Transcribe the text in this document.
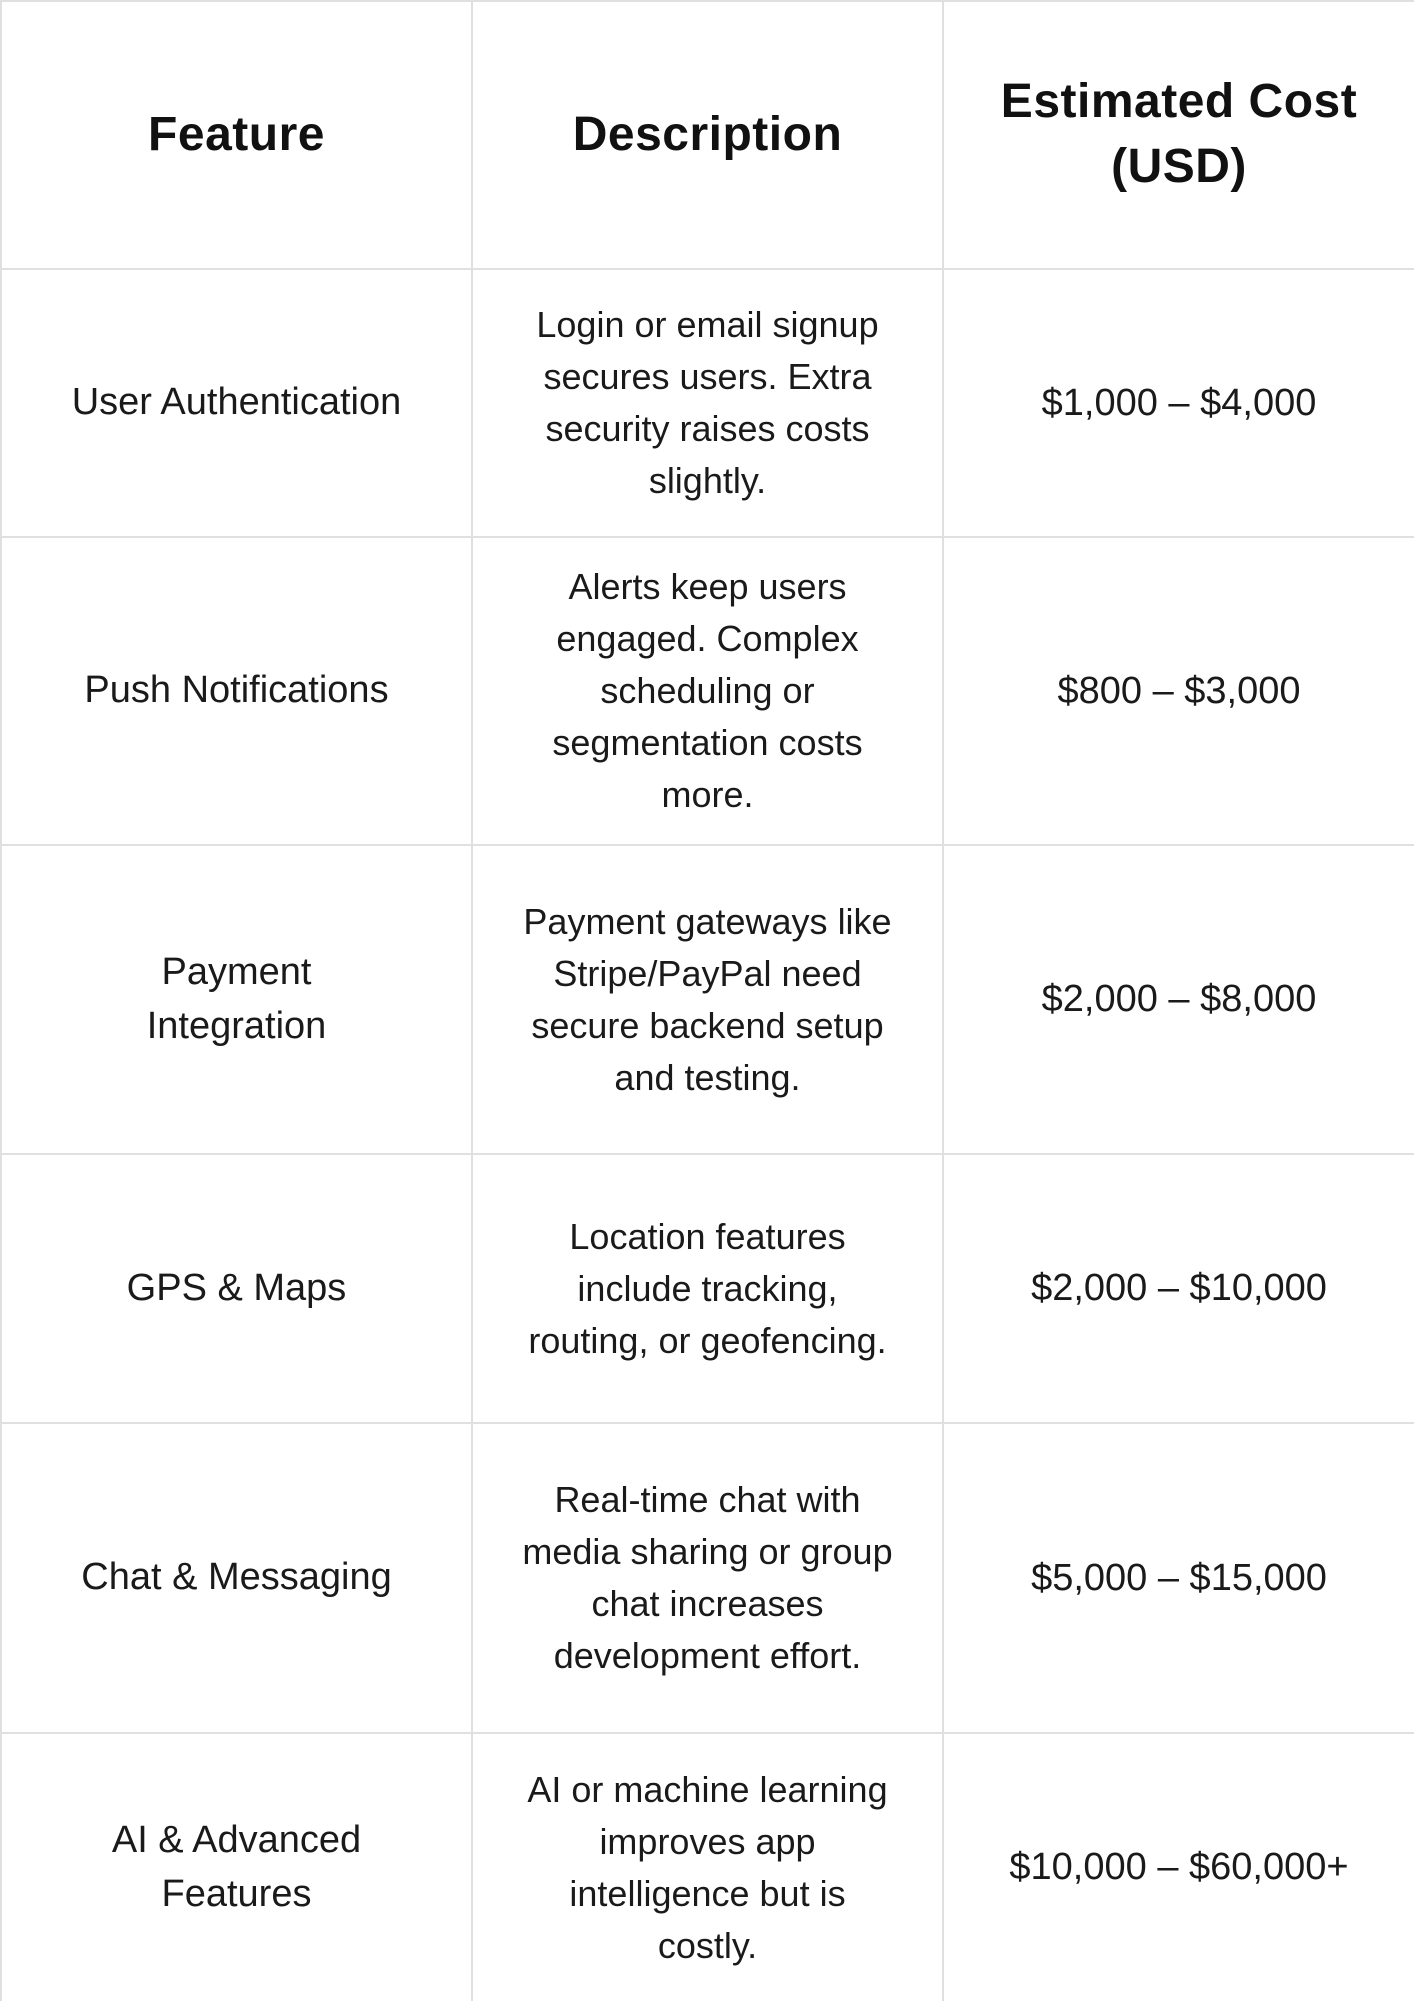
Feature	Description	Estimated Cost (USD)
User Authentication	Login or email signup secures users. Extra security raises costs slightly.	$1,000 – $4,000
Push Notifications	Alerts keep users engaged. Complex scheduling or segmentation costs more.	$800 – $3,000
Payment Integration	Payment gateways like Stripe/PayPal need secure backend setup and testing.	$2,000 – $8,000
GPS & Maps	Location features include tracking, routing, or geofencing.	$2,000 – $10,000
Chat & Messaging	Real-time chat with media sharing or group chat increases development effort.	$5,000 – $15,000
AI & Advanced Features	AI or machine learning improves app intelligence but is costly.	$10,000 – $60,000+
